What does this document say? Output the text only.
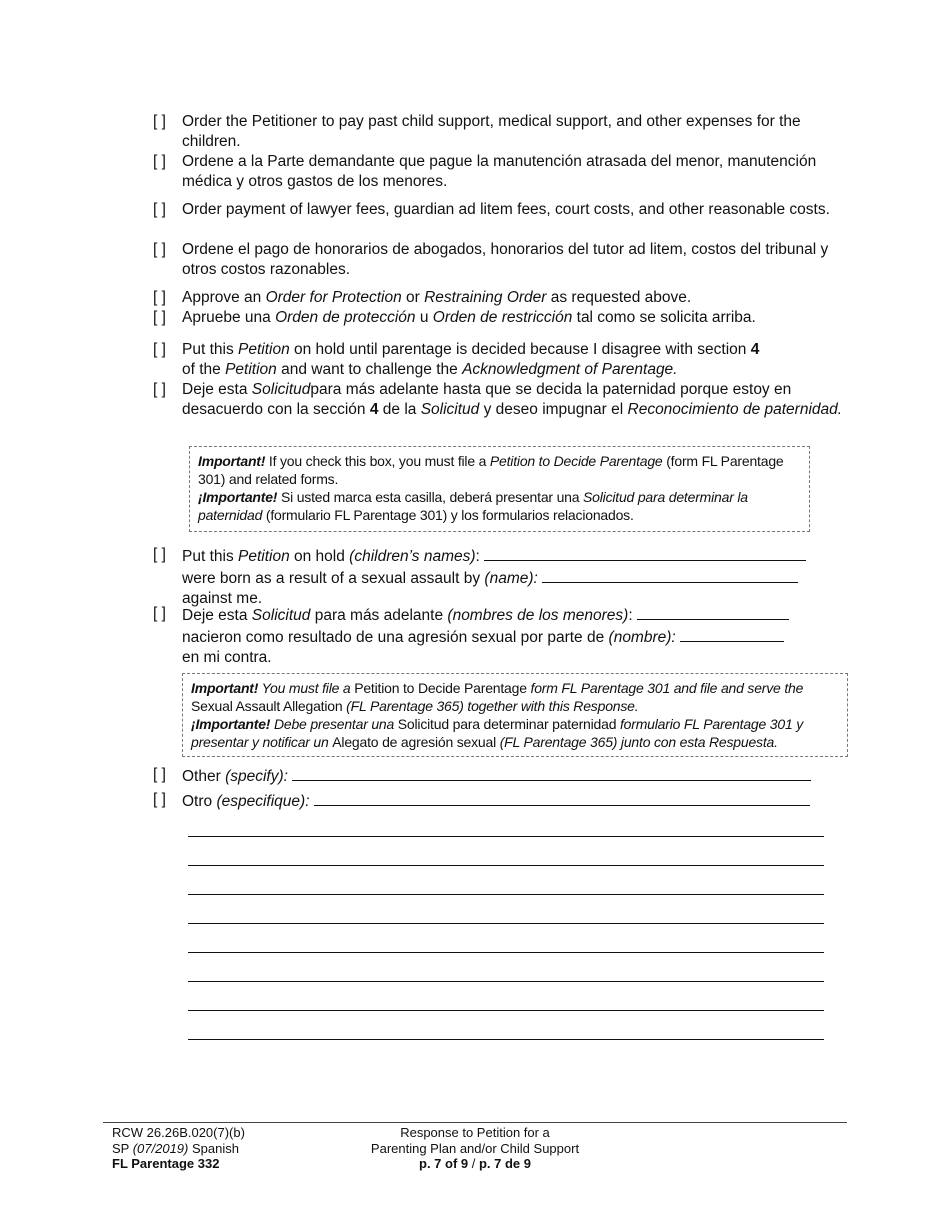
[ ]	Order the Petitioner to pay past child support, medical support, and other expenses for the children.
[ ]	Ordene a la Parte demandante que pague la manutención atrasada del menor, manutención médica y otros gastos de los menores.
[ ]	Order payment of lawyer fees, guardian ad litem fees, court costs, and other reasonable costs.
[ ]	Ordene el pago de honorarios de abogados, honorarios del tutor ad litem, costos del tribunal y otros costos razonables.
[ ]	Approve an Order for Protection or Restraining Order as requested above.
[ ]	Apruebe una Orden de protección u Orden de restricción tal como se solicita arriba.
[ ]	Put this Petition on hold until parentage is decided because I disagree with section 4
of the Petition and want to challenge the Acknowledgment of Parentage.
[ ]	Deje esta Solicitudpara más adelante hasta que se decida la paternidad porque estoy en desacuerdo con la sección 4 de la Solicitud y deseo impugnar el Reconocimiento de paternidad.
Important! If you check this box, you must file a Petition to Decide Parentage (form FL Parentage 301) and related forms.
¡Importante! Si usted marca esta casilla, deberá presentar una Solicitud para determinar la paternidad (formulario FL Parentage 301) y los formularios relacionados.
[ ]	Put this Petition on hold (children’s names):
were born as a result of a sexual assault by (name):
against me.
[ ]	Deje esta Solicitud para más adelante (nombres de los menores):
nacieron como resultado de una agresión sexual por parte de (nombre):
en mi contra.
Important! You must file a Petition to Decide Parentage form FL Parentage 301 and file and serve the Sexual Assault Allegation (FL Parentage 365) together with this Response.
¡Importante! Debe presentar una Solicitud para determinar paternidad formulario FL Parentage 301 y presentar y notificar un Alegato de agresión sexual (FL Parentage 365) junto con esta Respuesta.
[ ]	Other (specify):
[ ]	Otro (especifique):
RCW 26.26B.020(7)(b)
SP (07/2019) Spanish
FL Parentage 332
Response to Petition for a
Parenting Plan and/or Child Support
p. 7 of 9 / p. 7 de 9
